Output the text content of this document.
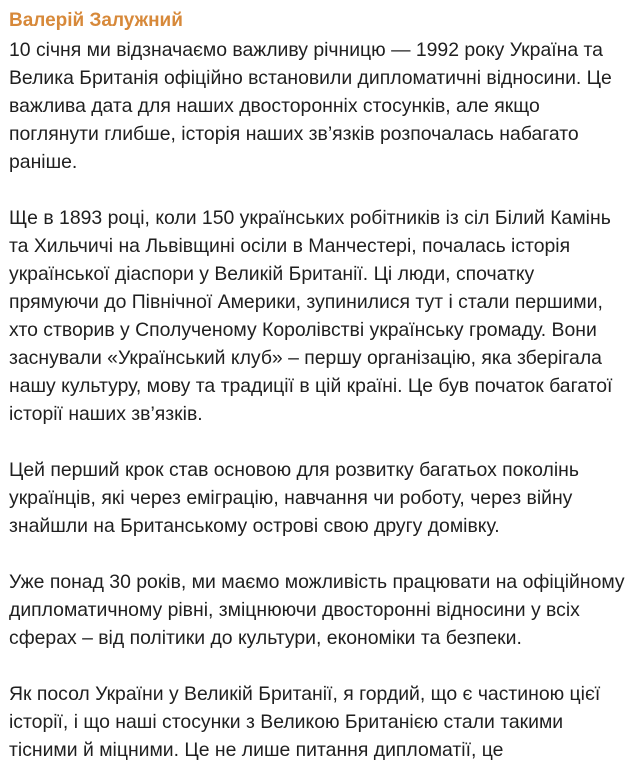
Валерій Залужний

10 січня ми відзначаємо важливу річницю — 1992 року Україна та Велика Британія офіційно встановили дипломатичні відносини. Це важлива дата для наших двосторонніх стосунків, але якщо поглянути глибше, історія наших зв’язків розпочалась набагато раніше.

Ще в 1893 році, коли 150 українських робітників із сіл Білий Камінь та Хильчичі на Львівщині осіли в Манчестері, почалась історія української діаспори у Великій Британії. Ці люди, спочатку прямуючи до Північної Америки, зупинилися тут і стали першими, хто створив у Сполученому Королівстві українську громаду. Вони заснували «Український клуб» – першу організацію, яка зберігала нашу культуру, мову та традиції в цій країні. Це був початок багатої історії наших зв’язків.

Цей перший крок став основою для розвитку багатьох поколінь українців, які через еміграцію, навчання чи роботу, через війну знайшли на Британському острові свою другу домівку.

Уже понад 30 років, ми маємо можливість працювати на офіційному дипломатичному рівні, зміцнюючи двосторонні відносини у всіх сферах – від політики до культури, економіки та безпеки.

Як посол України у Великій Британії, я гордий, що є частиною цієї історії, і що наші стосунки з Великою Британією стали такими тісними й міцними. Це не лише питання дипломатії, це
